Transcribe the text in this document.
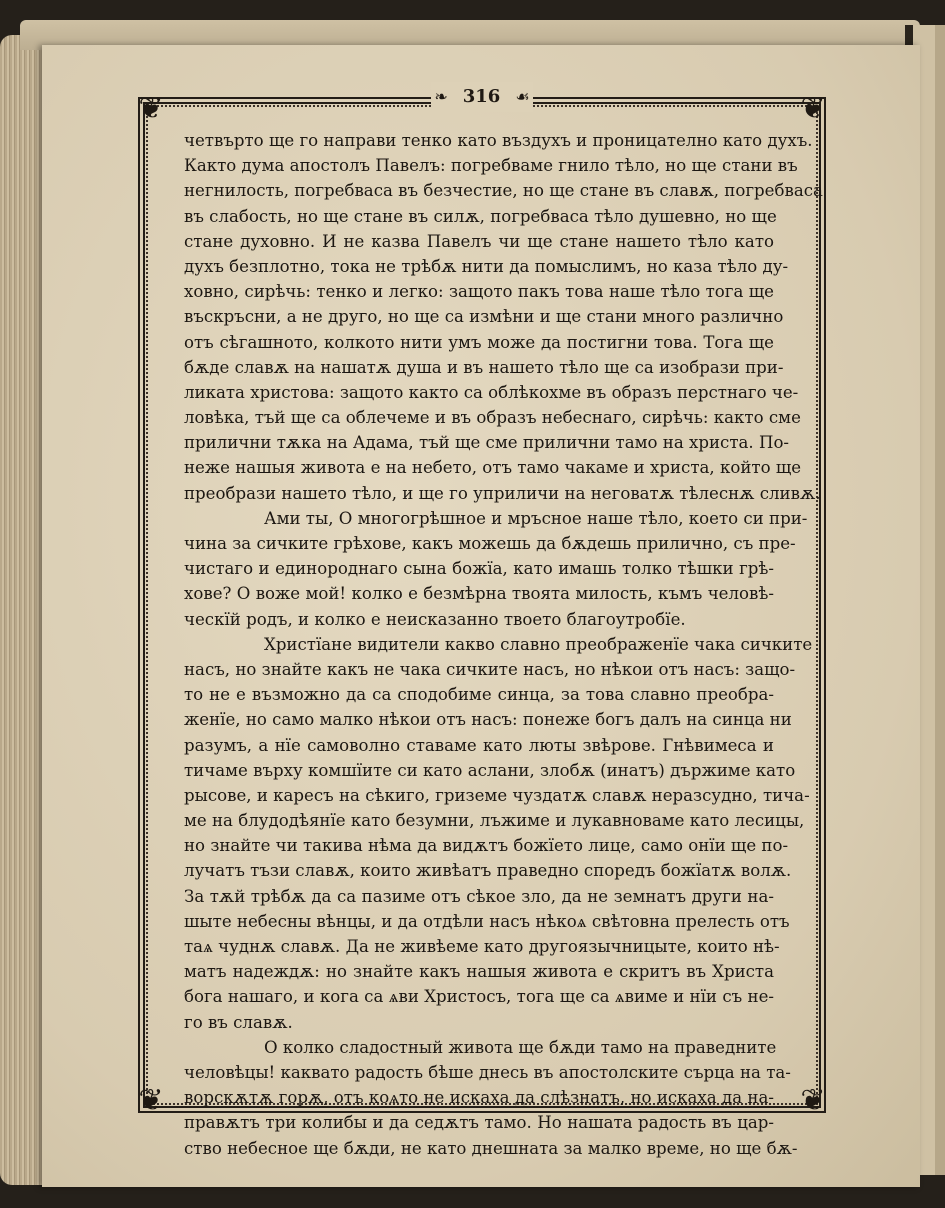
❦	❦
❦	❦
❧ 316 ☙
четвърто ще го направи тенко като въздухъ и проницателно като духъ.
Както дума апостолъ Павелъ: погребваме гнило тѣло, но ще стани въ
негнилость, погребваса въ безчестие, но ще стане въ славѫ, погребваса
въ слабость, но ще стане въ силѫ, погребваса тѣло душевно, но ще
стане духовно. И не казва Павелъ чи ще стане нашето тѣло като
духъ безплотно, тока не трѣбѫ нити да помыслимъ, но каза тѣло ду-
ховно, сирѣчь: тенко и легко: защото пакъ това наше тѣло тога ще
въскръсни, а не друго, но ще са измѣни и ще стани много различно
отъ сѣгашното, колкото нити умъ може да постигни това. Тога ще
бѫде славѫ на нашатѫ душа и въ нашето тѣло ще са изобрази при-
ликата христова: защото както са облѣкохме въ образъ перстнаго че-
ловѣка, тъй ще са облечеме и въ образъ небеснаго, сирѣчь: както сме
прилични тѫка на Адама, тъй ще сме прилични тамо на христа. По-
неже нашыя живота е на небето, отъ тамо чакаме и христа, който ще
преобрази нашето тѣло, и ще го уприличи на неговатѫ тѣлеснѫ сливѫ.
Ами ты, О многогрѣшное и мръсное наше тѣло, което си при-
чина за сичките грѣхове, какъ можешь да бѫдешь прилично, съ пре-
чистаго и единороднаго сына божїа, като имашь толко тѣшки грѣ-
хове? О воже мой! колко е безмѣрна твоята милость, къмъ человѣ-
ческїй родъ, и колко е неисказанно твоето благоутробїе.
Христїане видители какво славно преображенїе чака сичките
насъ, но знайте какъ не чака сичките насъ, но нѣкои отъ насъ: защо-
то не е възможно да са сподобиме синца, за това славно преобра-
женїе, но само малко нѣкои отъ насъ: понеже богъ далъ на синца ни
разумъ, а нїе самоволно ставаме като люты звѣрове. Гнѣвимеса и
тичаме върху комшїите си като аслани, злобѫ (инатъ) държиме като
рысове, и каресъ на сѣкиго, гриземе чуздатѫ славѫ неразсудно, тича-
ме на блудодѣянїе като безумни, лъжиме и лукавноваме като лесицы,
но знайте чи такива нѣма да видѫтъ божїето лице, само онїи ще по-
лучатъ тъзи славѫ, които живѣатъ праведно споредъ божїатѫ волѫ.
За тѫй трѣбѫ да са пазиме отъ сѣкое зло, да не земнатъ други на-
шыте небесны вѣнцы, и да отдѣли насъ нѣкоѧ свѣтовна прелесть отъ
таѧ чуднѫ славѫ. Да не живѣеме като другоязычницыте, които нѣ-
матъ надеждѫ: но знайте какъ нашыя живота е скритъ въ Христа
бога нашаго, и кога са ѧви Христосъ, тога ще са ѧвиме и нїи съ не-
го въ славѫ.
О колко сладостный живота ще бѫди тамо на праведните
человѣцы! каквато радость бѣше днесь въ апостолските сърца на та-
ворскѫтѫ горѫ, отъ коѧто не искаха да слѣзнатъ, но искаха да на-
правѫтъ три колибы и да седѫтъ тамо. Но нашата радость въ цар-
ство небесное ще бѫди, не като днешната за малко време, но ще бѫ-
